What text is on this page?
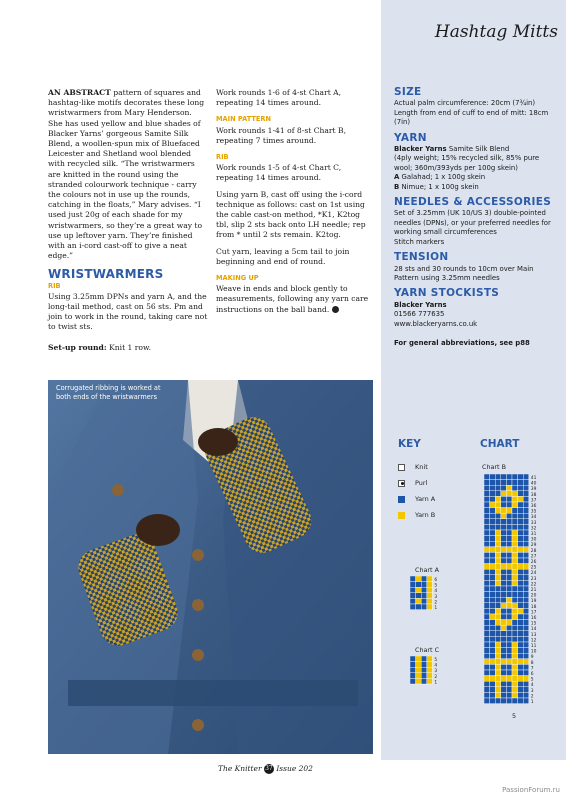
Hashtag Mitts

AN ABSTRACT pattern of squares and hashtag-like motifs decorates these long wristwarmers from Mary Henderson. She has used yellow and blue shades of Blacker Yarns’ gorgeous Samite Silk Blend, a woollen-spun mix of Bluefaced Leicester and Shetland wool blended with recycled silk. “The wristwarmers are knitted in the round using the stranded colourwork technique - carry the colours not in use up the rounds, catching in the floats,” Mary advises. “I used just 20g of each shade for my wristwarmers, so they’re a great way to use up leftover yarn. They’re finished with an i-cord cast-off to give a neat edge.”

WRISTWARMERS
RIB

Using 3.25mm DPNs and yarn A, and the long-tail method, cast on 56 sts. Pm and join to work in the round, taking care not to twist sts.

Set-up round: Knit 1 row.

Work rounds 1-6 of 4-st Chart A, repeating 14 times around.

MAIN PATTERN

Work rounds 1-41 of 8-st Chart B, repeating 7 times around.

RIB

Work rounds 1-5 of 4-st Chart C, repeating 14 times around.

Using yarn B, cast off using the i-cord technique as follows: cast on 1st using the cable cast-on method, *K1, K2tog tbl, slip 2 sts back onto LH needle; rep from * until 2 sts remain. K2tog.

Cut yarn, leaving a 5cm tail to join beginning and end of round.

MAKING UP

Weave in ends and block gently to measurements, following any yarn care instructions on the ball band.

SIZE

Actual palm circumference: 20cm (7¾in)

Length from end of cuff to end of mitt: 18cm (7in)

YARN

Blacker Yarns Samite Silk Blend

(4ply weight; 15% recycled silk, 85% pure wool; 360m/393yds per 100g skein)

A Galahad; 1 x 100g skein

B Nimue; 1 x 100g skein

NEEDLES & ACCESSORIES

Set of 3.25mm (UK 10/US 3) double-pointed needles (DPNs), or your preferred needles for working small circumferences

Stitch markers

TENSION

28 sts and 30 rounds to 10cm over Main Pattern using 3.25mm needles

YARN STOCKISTS

Blacker Yarns

01566 777635

www.blackeryarns.co.uk

For general abbreviations, see p88

Corrugated ribbing is worked at both ends of the wristwarmers
KEY
Knit
Purl
Yarn A
Yarn B
CHART
Chart B
Chart A
Chart C
5
41
40
39
38
37
36
35
34
33
32
31
30
29
28
27
26
25
24
23
22
21
20
19
18
17
16
15
14
13
12
11
10
9
8
7
6
5
4
3
2
1
6
5
4
3
2
1
5
4
3
2
1
The Knitter 37 Issue 202
PassionForum.ru
